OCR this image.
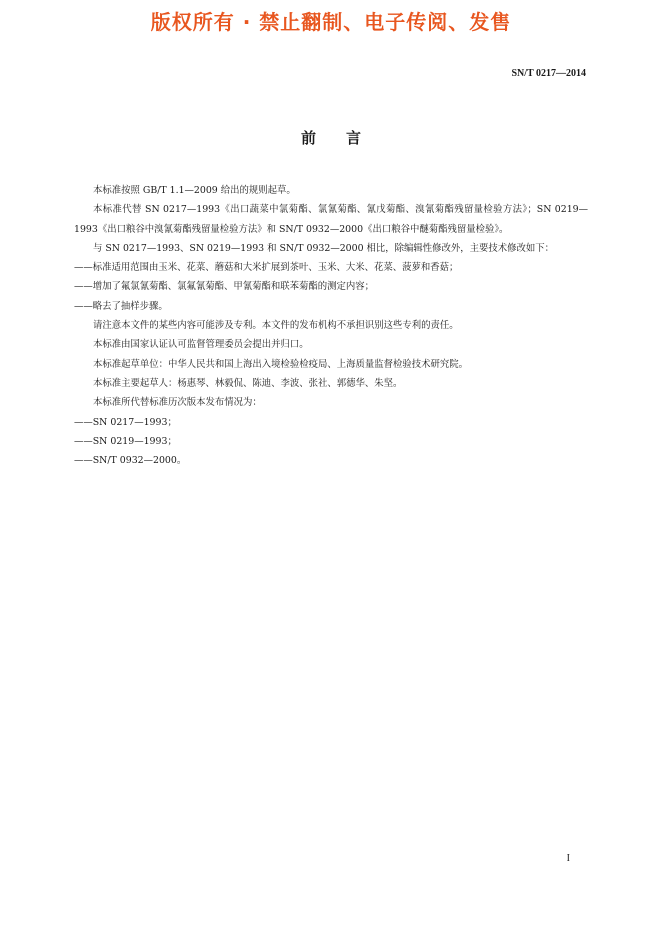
版权所有 · 禁止翻制、电子传阅、发售
SN/T 0217—2014
前言

本标准按照 GB/T 1.1—2009 给出的规则起草。

本标准代替 SN 0217—1993《出口蔬菜中氯菊酯、氯氰菊酯、氰戊菊酯、溴氰菊酯残留量检验方法》；SN 0219—1993《出口粮谷中溴氰菊酯残留量检验方法》和 SN/T 0932—2000《出口粮谷中醚菊酯残留量检验》。

与 SN 0217—1993、SN 0219—1993 和 SN/T 0932—2000 相比，除编辑性修改外，主要技术修改如下：

——标准适用范围由玉米、花菜、蘑菇和大米扩展到茶叶、玉米、大米、花菜、菠萝和香菇；

——增加了氟氯氰菊酯、氯氟氰菊酯、甲氰菊酯和联苯菊酯的测定内容；

——略去了抽样步骤。

请注意本文件的某些内容可能涉及专利。本文件的发布机构不承担识别这些专利的责任。

本标准由国家认证认可监督管理委员会提出并归口。

本标准起草单位：中华人民共和国上海出入境检验检疫局、上海质量监督检验技术研究院。

本标准主要起草人：杨惠琴、林毅侃、陈迪、李波、张社、郭德华、朱坚。

本标准所代替标准历次版本发布情况为：

——SN 0217—1993；

——SN 0219—1993；

——SN/T 0932—2000。

I
